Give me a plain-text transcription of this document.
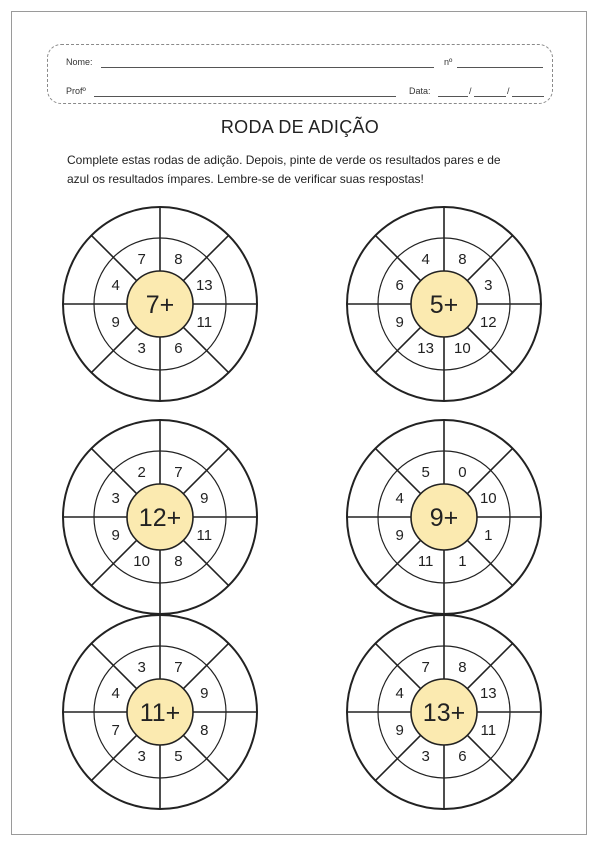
Nome:	nº
Profº	Data:	/	/
RODA DE ADIÇÃO
Complete estas rodas de adição. Depois, pinte de verde os resultados pares e de
azul os resultados ímpares. Lembre-se de verificar suas respostas!
7 8
13
11
6
3
9
4
7+
4 8
3
12
10
13
9
6
5+
2 7
9
11
8
10
9
3
12+
5 0
10
1
1
11
9
4
9+
3 7
9
8
5
3
7
4
11+
7 8
13
11
6
3
9
4
13+
